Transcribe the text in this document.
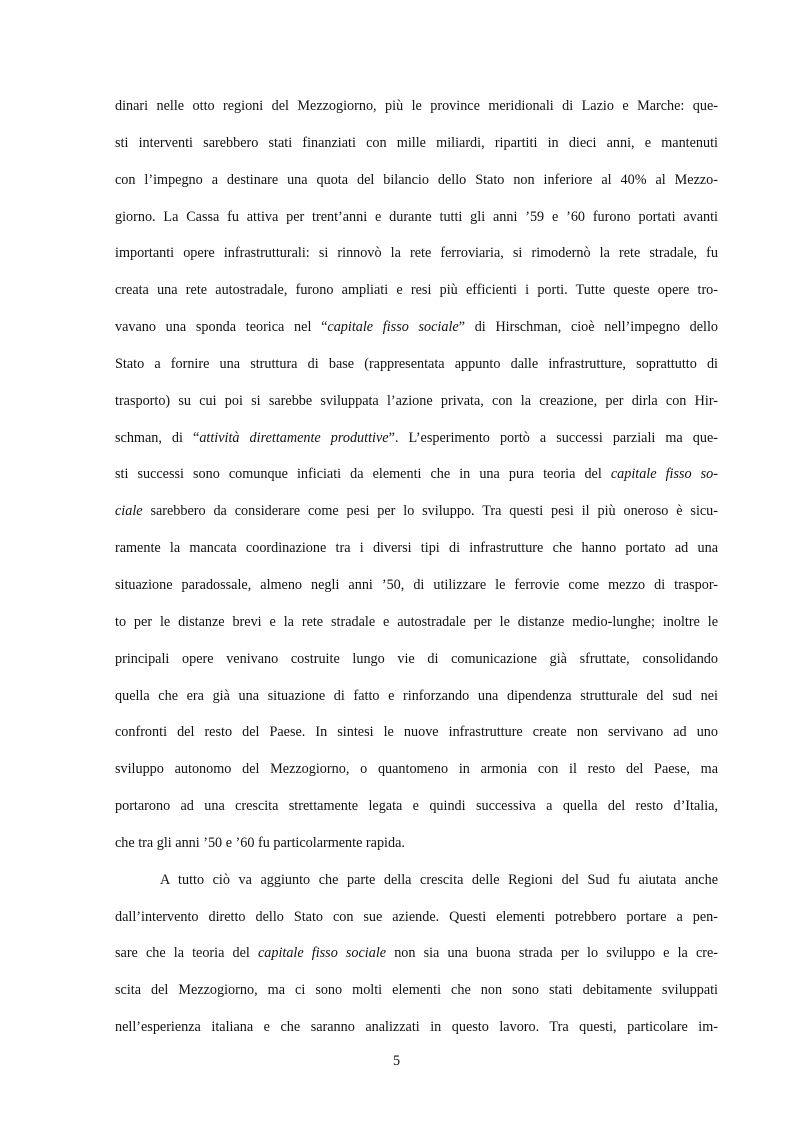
dinari nelle otto regioni del Mezzogiorno, più le province meridionali di Lazio e Marche: que-
sti interventi sarebbero stati finanziati con mille miliardi, ripartiti in dieci anni, e mantenuti
con l’impegno a destinare una quota del bilancio dello Stato non inferiore al 40% al Mezzo-
giorno. La Cassa fu attiva per trent’anni e durante tutti gli anni ’59 e ’60 furono portati avanti
importanti opere infrastrutturali: si rinnovò la rete ferroviaria, si rimodernò la rete stradale, fu
creata una rete autostradale, furono ampliati e resi più efficienti i porti. Tutte queste opere tro-
vavano una sponda teorica nel “capitale fisso sociale” di Hirschman, cioè nell’impegno dello
Stato a fornire una struttura di base (rappresentata appunto dalle infrastrutture, soprattutto di
trasporto) su cui poi si sarebbe sviluppata l’azione privata, con la creazione, per dirla con Hir-
schman, di “attività direttamente produttive”. L’esperimento portò a successi parziali ma que-
sti successi sono comunque inficiati da elementi che in una pura teoria del capitale fisso so-
ciale sarebbero da considerare come pesi per lo sviluppo. Tra questi pesi il più oneroso è sicu-
ramente la mancata coordinazione tra i diversi tipi di infrastrutture che hanno portato ad una
situazione paradossale, almeno negli anni ’50, di utilizzare le ferrovie come mezzo di traspor-
to per le distanze brevi e la rete stradale e autostradale per le distanze medio-lunghe; inoltre le
principali opere venivano costruite lungo vie di comunicazione già sfruttate, consolidando
quella che era già una situazione di fatto e rinforzando una dipendenza strutturale del sud nei
confronti del resto del Paese. In sintesi le nuove infrastrutture create non servivano ad uno
sviluppo autonomo del Mezzogiorno, o quantomeno in armonia con il resto del Paese, ma
portarono ad una crescita strettamente legata e quindi successiva a quella del resto d’Italia,
che tra gli anni ’50 e ’60 fu particolarmente rapida.
A tutto ciò va aggiunto che parte della crescita delle Regioni del Sud fu aiutata anche
dall’intervento diretto dello Stato con sue aziende. Questi elementi potrebbero portare a pen-
sare che la teoria del capitale fisso sociale non sia una buona strada per lo sviluppo e la cre-
scita del Mezzogiorno, ma ci sono molti elementi che non sono stati debitamente sviluppati
nell’esperienza italiana e che saranno analizzati in questo lavoro. Tra questi, particolare im-
5
